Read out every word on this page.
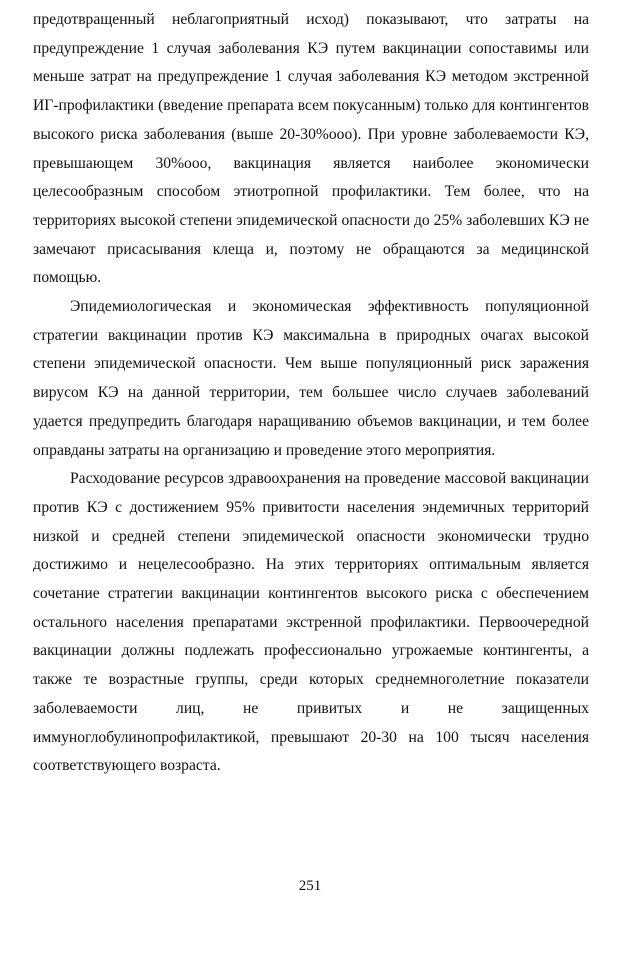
предотвращенный неблагоприятный исход) показывают, что затраты на предупреждение 1 случая заболевания КЭ путем вакцинации сопоставимы или меньше затрат на предупреждение 1 случая заболевания КЭ методом экстренной ИГ-профилактики (введение препарата всем покусанным) только для контингентов высокого риска заболевания (выше 20-30%ooo). При уровне заболеваемости КЭ, превышающем 30%ooo, вакцинация является наиболее экономически целесообразным способом этиотропной профилактики. Тем более, что на территориях высокой степени эпидемической опасности до 25% заболевших КЭ не замечают присасывания клеща и, поэтому не обращаются за медицинской помощью.

Эпидемиологическая и экономическая эффективность популяционной стратегии вакцинации против КЭ максимальна в природных очагах высокой степени эпидемической опасности. Чем выше популяционный риск заражения вирусом КЭ на данной территории, тем большее число случаев заболеваний удается предупредить благодаря наращиванию объемов вакцинации, и тем более оправданы затраты на организацию и проведение этого мероприятия.

Расходование ресурсов здравоохранения на проведение массовой вакцинации против КЭ с достижением 95% привитости населения эндемичных территорий низкой и средней степени эпидемической опасности экономически трудно достижимо и нецелесообразно. На этих территориях оптимальным является сочетание стратегии вакцинации контингентов высокого риска с обеспечением остального населения препаратами экстренной профилактики. Первоочередной вакцинации должны подлежать профессионально угрожаемые контингенты, а также те возрастные группы, среди которых среднемноголетние показатели заболеваемости лиц, не привитых и не защищенных иммуноглобулинопрофилактикой, превышают 20-30 на 100 тысяч населения соответствующего возраста.

251
